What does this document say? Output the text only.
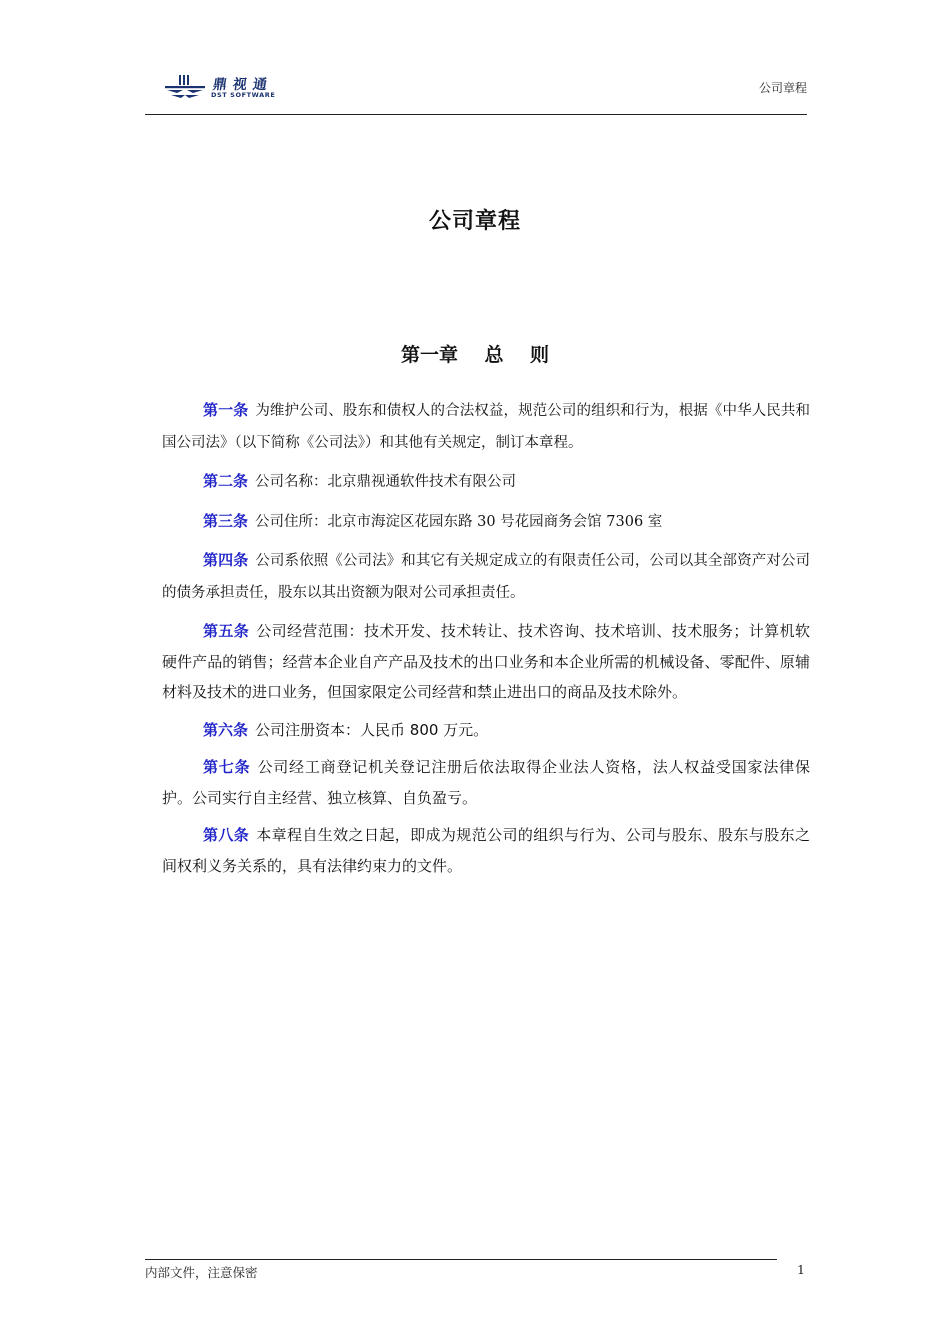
鼎视通
DST SOFTWARE	公司章程
公司章程
第一章    总    则

第一条 为维护公司、股东和债权人的合法权益，规范公司的组织和行为，根据《中华人民共和国公司法》（以下简称《公司法》）和其他有关规定，制订本章程。

第二条 公司名称：北京鼎视通软件技术有限公司

第三条 公司住所：北京市海淀区花园东路 30 号花园商务会馆 7306 室

第四条 公司系依照《公司法》和其它有关规定成立的有限责任公司，公司以其全部资产对公司的债务承担责任，股东以其出资额为限对公司承担责任。

第五条 公司经营范围：技术开发、技术转让、技术咨询、技术培训、技术服务；计算机软硬件产品的销售；经营本企业自产产品及技术的出口业务和本企业所需的机械设备、零配件、原辅材料及技术的进口业务，但国家限定公司经营和禁止进出口的商品及技术除外。

第六条 公司注册资本：人民币 800 万元。

第七条 公司经工商登记机关登记注册后依法取得企业法人资格，法人权益受国家法律保护。公司实行自主经营、独立核算、自负盈亏。

第八条 本章程自生效之日起，即成为规范公司的组织与行为、公司与股东、股东与股东之间权利义务关系的，具有法律约束力的文件。

内部文件，注意保密	1
